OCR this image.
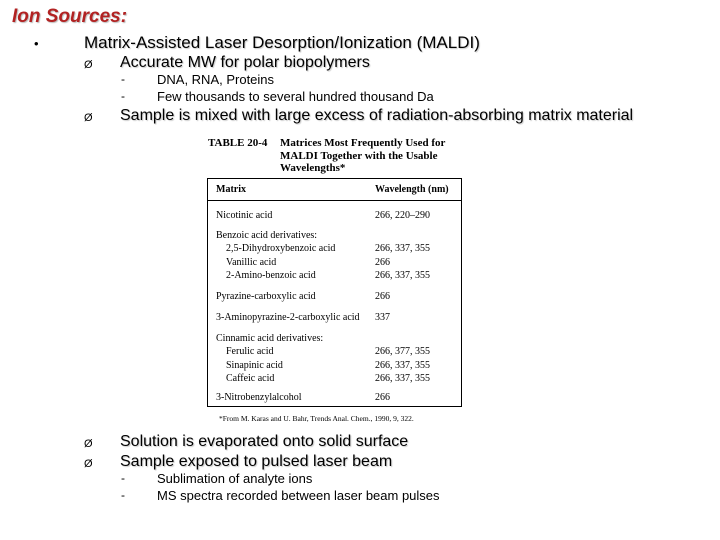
Ion Sources:
•	Matrix-Assisted Laser Desorption/Ionization (MALDI)
Ø Accurate MW for polar biopolymers
- DNA, RNA, Proteins
- Few thousands to several hundred thousand Da
Ø Sample is mixed with large excess of radiation-absorbing matrix material
TABLE 20-4	Matrices Most Frequently Used for
MALDI Together with the Usable
Wavelengths*
Matrix	Wavelength (nm)
Nicotinic acid	266, 220–290
Benzoic acid derivatives:
2,5-Dihydroxybenzoic acid	266, 337, 355
Vanillic acid	266
2-Amino-benzoic acid	266, 337, 355
Pyrazine-carboxylic acid	266
3-Aminopyrazine-2-carboxylic acid 337
Cinnamic acid derivatives:
Ferulic acid	266, 377, 355
Sinapinic acid	266, 337, 355
Caffeic acid	266, 337, 355
3-Nitrobenzylalcohol	266
*From M. Karas and U. Bahr, Trends Anal. Chem., 1990, 9, 322.
Ø Solution is evaporated onto solid surface
Ø Sample exposed to pulsed laser beam
- Sublimation of analyte ions
- MS spectra recorded between laser beam pulses
